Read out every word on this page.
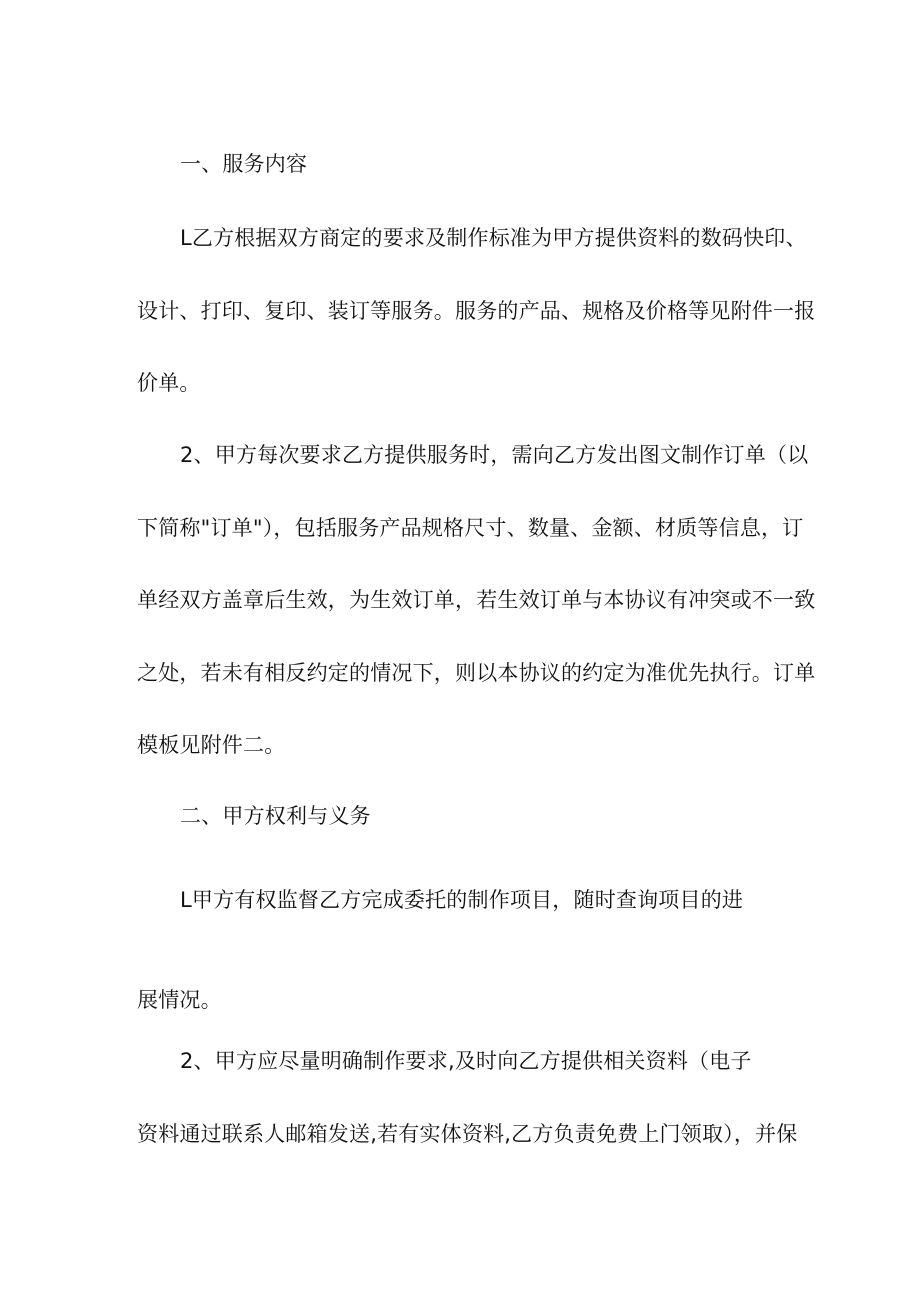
一、服务内容
L乙方根据双方商定的要求及制作标准为甲方提供资料的数码快印、
设计、打印、复印、装订等服务。服务的产品、规格及价格等见附件一报
价单。
2、甲方每次要求乙方提供服务时，需向乙方发出图文制作订单（以
下简称"订单"），包括服务产品规格尺寸、数量、金额、材质等信息，订
单经双方盖章后生效，为生效订单，若生效订单与本协议有冲突或不一致
之处，若未有相反约定的情况下，则以本协议的约定为准优先执行。订单
模板见附件二。
二、甲方权利与义务
L甲方有权监督乙方完成委托的制作项目，随时查询项目的进
展情况。
2、甲方应尽量明确制作要求,及时向乙方提供相关资料（电子
资料通过联系人邮箱发送,若有实体资料,乙方负责免费上门领取），并保
